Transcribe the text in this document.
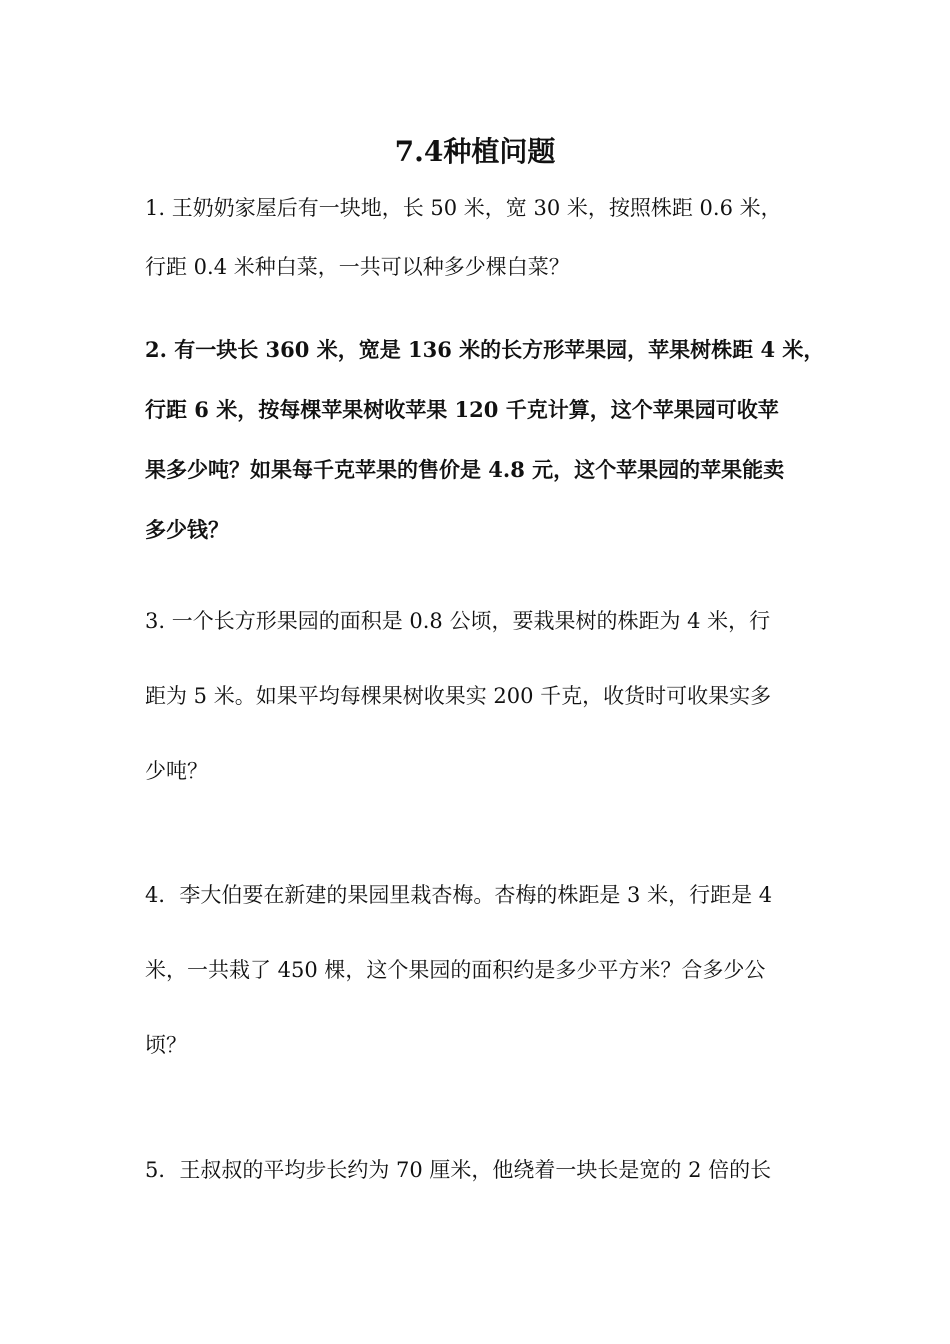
7.4种植问题

1. 王奶奶家屋后有一块地，长 50 米，宽 30 米，按照株距 0.6 米，

行距 0.4 米种白菜，一共可以种多少棵白菜？

2. 有一块长 360 米，宽是 136 米的长方形苹果园，苹果树株距 4 米，

行距 6 米，按每棵苹果树收苹果 120 千克计算，这个苹果园可收苹

果多少吨？如果每千克苹果的售价是 4.8 元，这个苹果园的苹果能卖

多少钱？

3. 一个长方形果园的面积是 0.8 公顷，要栽果树的株距为 4 米，行

距为 5 米。如果平均每棵果树收果实 200 千克，收货时可收果实多

少吨？

4．李大伯要在新建的果园里栽杏梅。杏梅的株距是 3 米，行距是 4

米，一共栽了 450 棵，这个果园的面积约是多少平方米？合多少公

顷？

5．王叔叔的平均步长约为 70 厘米，他绕着一块长是宽的 2 倍的长
